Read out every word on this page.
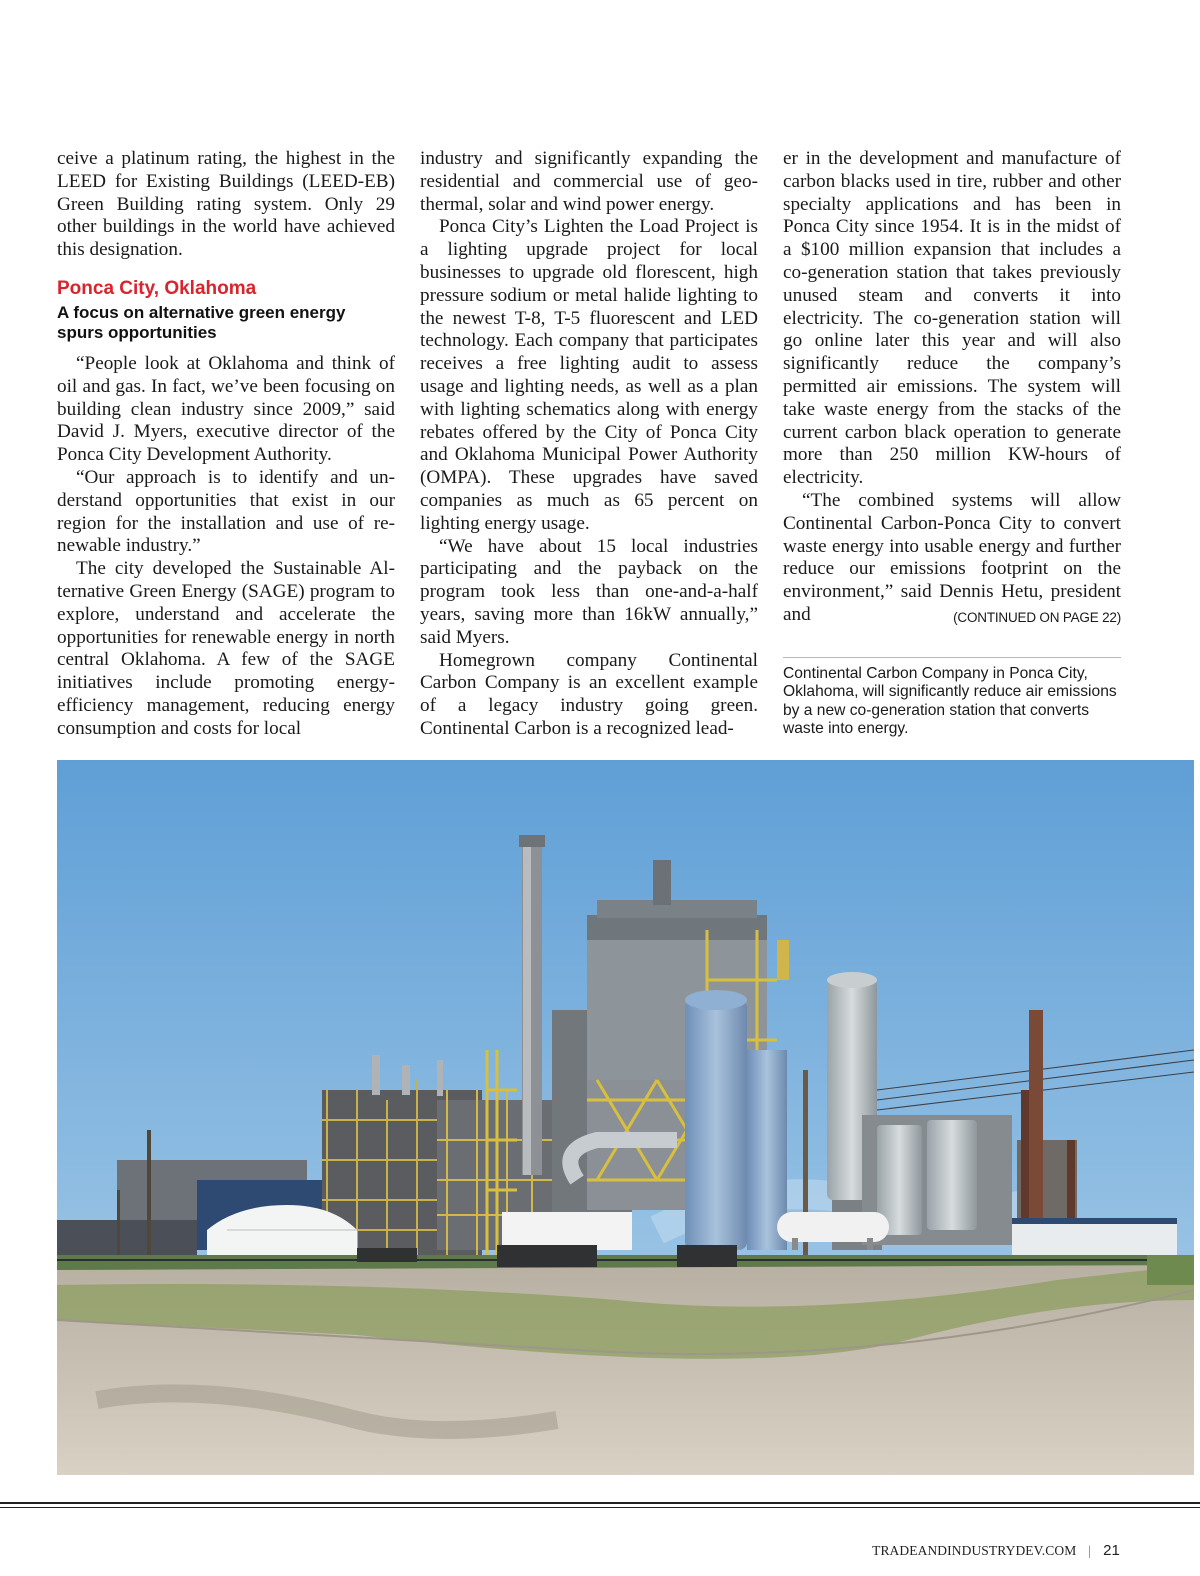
ceive a platinum rating, the highest in the LEED for Existing Buildings (LEED-EB) Green Building rating system. Only 29 other buildings in the world have achieved this designation.

Ponca City, Oklahoma
A focus on alternative green energy spurs opportunities

“People look at Oklahoma and think of oil and gas. In fact, we’ve been focusing on building clean industry since 2009,” said David J. Myers, executive director of the Ponca City Development Authority.

“Our approach is to identify and understand opportunities that exist in our region for the installation and use of renewable industry.”

The city developed the Sustainable Alternative Green Energy (SAGE) program to explore, understand and accelerate the opportunities for renewable energy in north central Oklahoma. A few of the SAGE initiatives include promoting energy-efficiency management, reducing energy consumption and costs for local

industry and significantly expanding the residential and commercial use of geothermal, solar and wind power energy.

Ponca City’s Lighten the Load Project is a lighting upgrade project for local businesses to upgrade old florescent, high pressure sodium or metal halide lighting to the newest T-8, T-5 fluorescent and LED technology. Each company that participates receives a free lighting audit to assess usage and lighting needs, as well as a plan with lighting schematics along with energy rebates offered by the City of Ponca City and Oklahoma Municipal Power Authority (OMPA). These upgrades have saved companies as much as 65 percent on lighting energy usage.

“We have about 15 local industries participating and the payback on the program took less than one-and-a-half years, saving more than 16kW annually,” said Myers.

Homegrown company Continental Carbon Company is an excellent example of a legacy industry going green. Continental Carbon is a recognized lead-

er in the development and manufacture of carbon blacks used in tire, rubber and other specialty applications and has been in Ponca City since 1954. It is in the midst of a $100 million expansion that includes a co-generation station that takes previously unused steam and converts it into electricity. The co-generation station will go online later this year and will also significantly reduce the company’s permitted air emissions. The system will take waste energy from the stacks of the current carbon black operation to generate more than 250 million KW-hours of electricity.

“The combined systems will allow Continental Carbon-Ponca City to convert waste energy into usable energy and further reduce our emissions footprint on the environment,” said Dennis Hetu, president and	(CONTINUED ON PAGE 22)

Continental Carbon Company in Ponca City, Oklahoma, will significantly reduce air emissions by a new co-generation station that converts waste into energy.
TRADEANDINDUSTRYDEV.COM | 21
